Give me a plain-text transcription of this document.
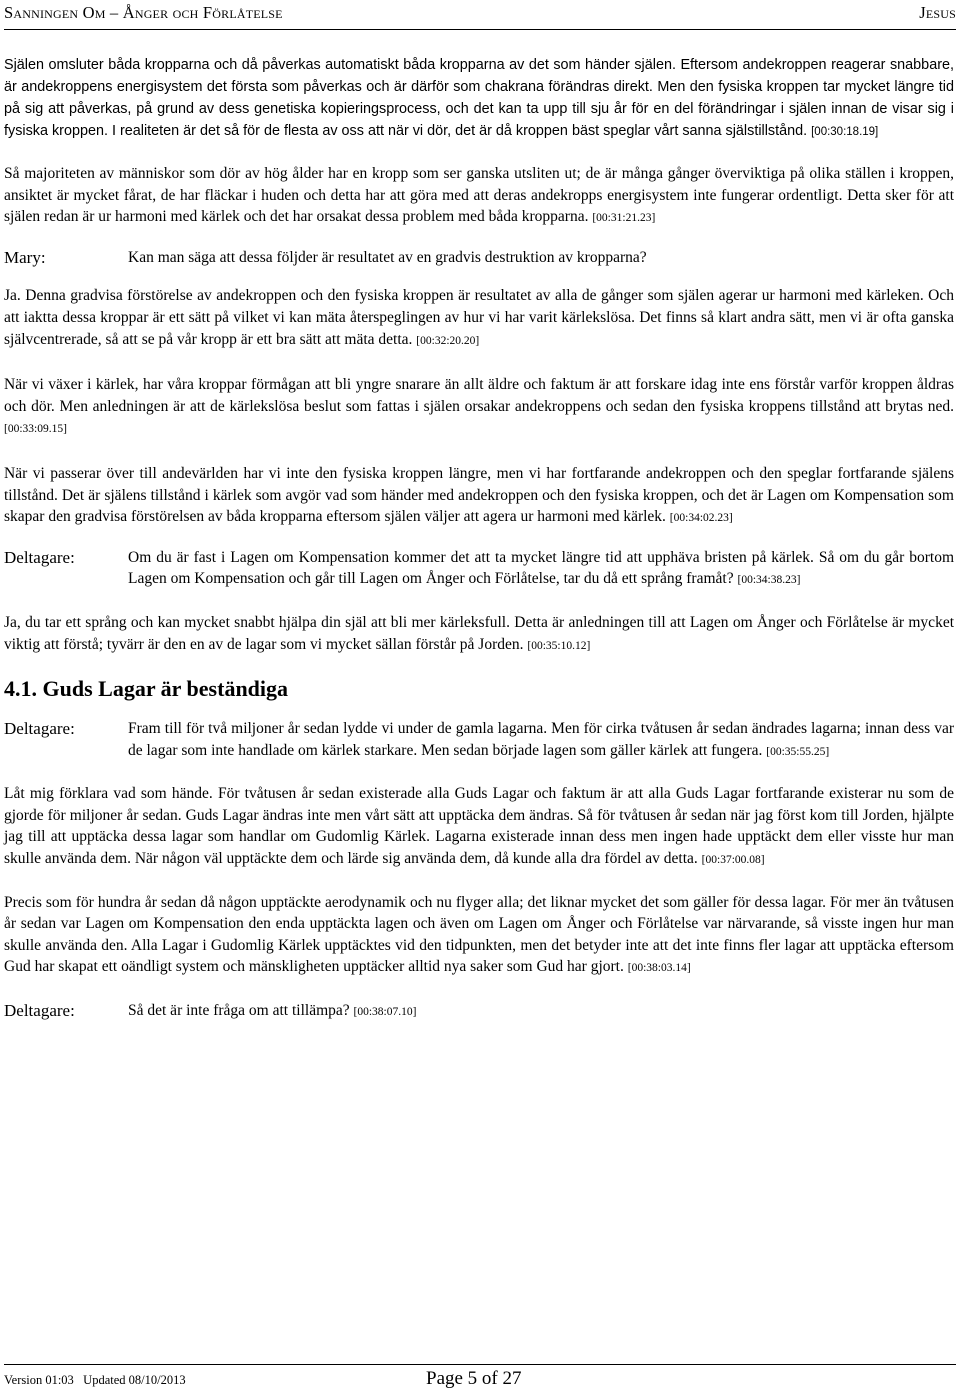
Sanningen Om – Ånger och Förlåtelse	Jesus

Själen omsluter båda kropparna och då påverkas automatiskt båda kropparna av det som händer själen. Eftersom andekroppen reagerar snabbare, är andekroppens energisystem det första som påverkas och är därför som chakrana förändras direkt. Men den fysiska kroppen tar mycket längre tid på sig att påverkas, på grund av dess genetiska kopieringsprocess, och det kan ta upp till sju år för en del förändringar i själen innan de visar sig i fysiska kroppen. I realiteten är det så för de flesta av oss att när vi dör, det är då kroppen bäst speglar vårt sanna själstillstånd. [00:30:18.19]

Så majoriteten av människor som dör av hög ålder har en kropp som ser ganska utsliten ut; de är många gånger överviktiga på olika ställen i kroppen, ansiktet är mycket fårat, de har fläckar i huden och detta har att göra med att deras andekropps energisystem inte fungerar ordentligt. Detta sker för att själen redan är ur harmoni med kärlek och det har orsakat dessa problem med båda kropparna. [00:31:21.23]

Mary:	Kan man säga att dessa följder är resultatet av en gradvis destruktion av kropparna?

Ja. Denna gradvisa förstörelse av andekroppen och den fysiska kroppen är resultatet av alla de gånger som själen agerar ur harmoni med kärleken. Och att iaktta dessa kroppar är ett sätt på vilket vi kan mäta återspeglingen av hur vi har varit kärlekslösa. Det finns så klart andra sätt, men vi är ofta ganska självcentrerade, så att se på vår kropp är ett bra sätt att mäta detta. [00:32:20.20]

När vi växer i kärlek, har våra kroppar förmågan att bli yngre snarare än allt äldre och faktum är att forskare idag inte ens förstår varför kroppen åldras och dör. Men anledningen är att de kärlekslösa beslut som fattas i själen orsakar andekroppens och sedan den fysiska kroppens tillstånd att brytas ned. [00:33:09.15]

När vi passerar över till andevärlden har vi inte den fysiska kroppen längre, men vi har fortfarande andekroppen och den speglar fortfarande själens tillstånd. Det är själens tillstånd i kärlek som avgör vad som händer med andekroppen och den fysiska kroppen, och det är Lagen om Kompensation som skapar den gradvisa förstörelsen av båda kropparna eftersom själen väljer att agera ur harmoni med kärlek. [00:34:02.23]

Deltagare:	Om du är fast i Lagen om Kompensation kommer det att ta mycket längre tid att upphäva bristen på kärlek. Så om du går bortom Lagen om Kompensation och går till Lagen om Ånger och Förlåtelse, tar du då ett språng framåt? [00:34:38.23]

Ja, du tar ett språng och kan mycket snabbt hjälpa din själ att bli mer kärleksfull. Detta är anledningen till att Lagen om Ånger och Förlåtelse är mycket viktig att förstå; tyvärr är den en av de lagar som vi mycket sällan förstår på Jorden. [00:35:10.12]

4.1. Guds Lagar är beständiga
Deltagare:	Fram till för två miljoner år sedan lydde vi under de gamla lagarna. Men för cirka tvåtusen år sedan ändrades lagarna; innan dess var de lagar som inte handlade om kärlek starkare. Men sedan började lagen som gäller kärlek att fungera. [00:35:55.25]

Låt mig förklara vad som hände. För tvåtusen år sedan existerade alla Guds Lagar och faktum är att alla Guds Lagar fortfarande existerar nu som de gjorde för miljoner år sedan. Guds Lagar ändras inte men vårt sätt att upptäcka dem ändras. Så för tvåtusen år sedan när jag först kom till Jorden, hjälpte jag till att upptäcka dessa lagar som handlar om Gudomlig Kärlek. Lagarna existerade innan dess men ingen hade upptäckt dem eller visste hur man skulle använda dem. När någon väl upptäckte dem och lärde sig använda dem, då kunde alla dra fördel av detta. [00:37:00.08]

Precis som för hundra år sedan då någon upptäckte aerodynamik och nu flyger alla; det liknar mycket det som gäller för dessa lagar. För mer än tvåtusen år sedan var Lagen om Kompensation den enda upptäckta lagen och även om Lagen om Ånger och Förlåtelse var närvarande, så visste ingen hur man skulle använda den. Alla Lagar i Gudomlig Kärlek upptäcktes vid den tidpunkten, men det betyder inte att det inte finns fler lagar att upptäcka eftersom Gud har skapat ett oändligt system och mänskligheten upptäcker alltid nya saker som Gud har gjort. [00:38:03.14]

Deltagare:	Så det är inte fråga om att tillämpa? [00:38:07.10]

Version 01:03   Updated 08/10/2013	Page 5 of 27
